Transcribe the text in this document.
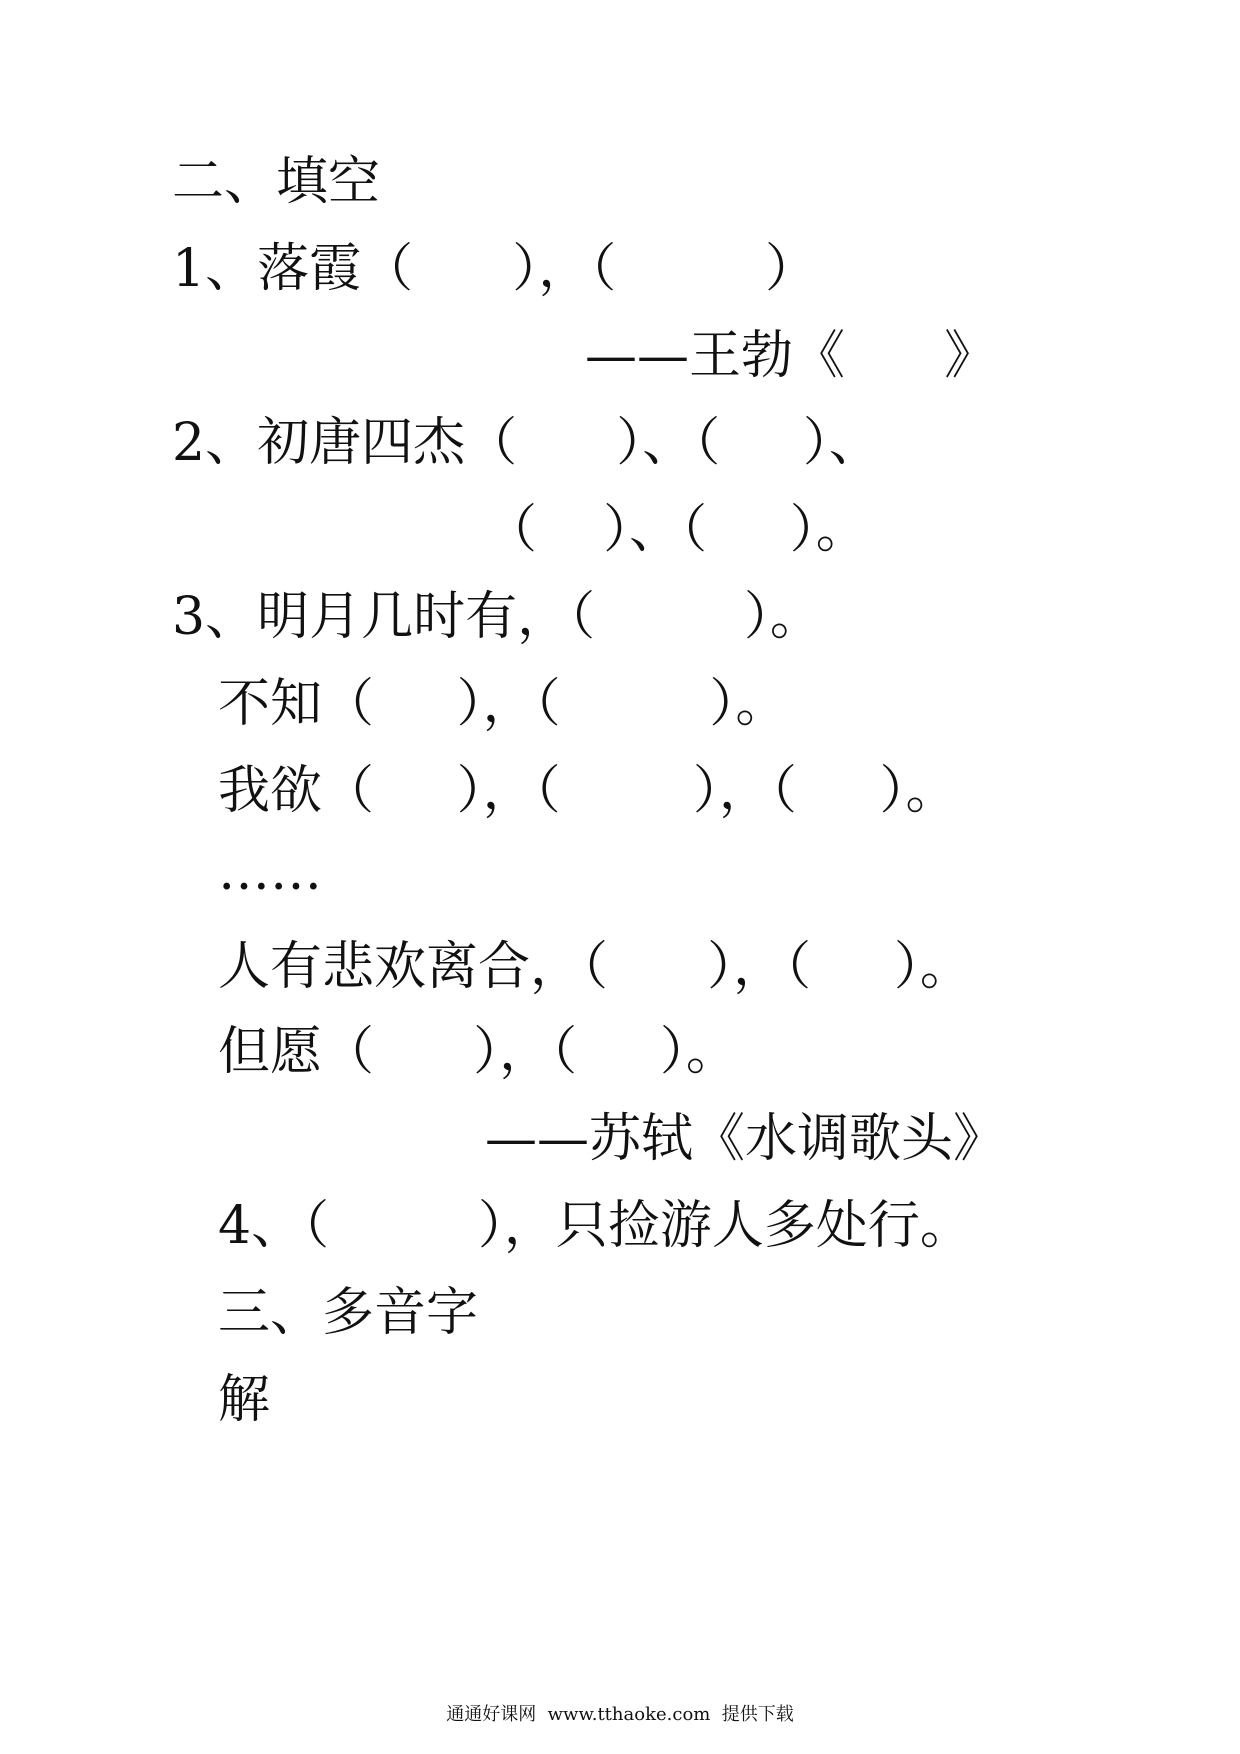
二、填空
1、落霞（      ），（         ）
——王勃《      》
2、初唐四杰（      ）、（     ）、
（    ）、（     ）。
3、明月几时有，（         ）。
不知（     ），（         ）。
我欲（     ），（        ），（     ）。
……
人有悲欢离合，（      ），（     ）。
但愿（      ），（     ）。
——苏轼《水调歌头》
4、（         ），只捡游人多处行。
三、多音字
解
通通好课网  www.tthaoke.com  提供下载
